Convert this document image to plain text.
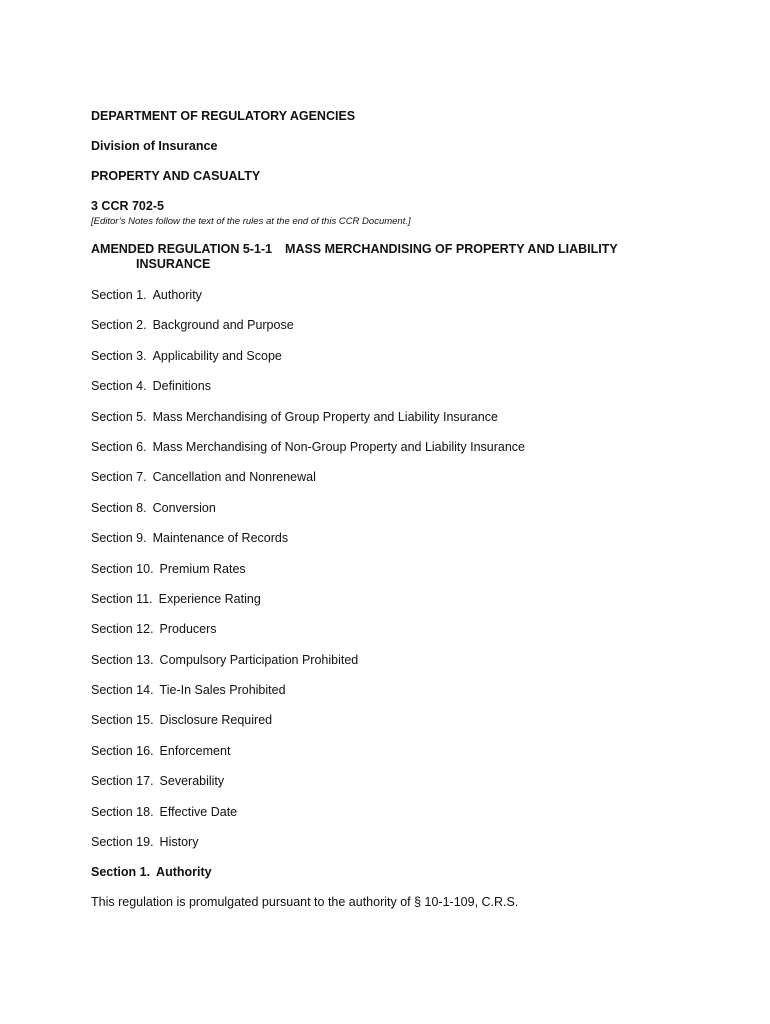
DEPARTMENT OF REGULATORY AGENCIES

Division of Insurance

PROPERTY AND CASUALTY

3 CCR 702-5

[Editor’s Notes follow the text of the rules at the end of this CCR Document.]

AMENDED REGULATION 5-1-1 MASS MERCHANDISING OF PROPERTY AND LIABILITY
INSURANCE
Section 1. Authority
Section 2. Background and Purpose
Section 3. Applicability and Scope
Section 4. Definitions
Section 5. Mass Merchandising of Group Property and Liability Insurance
Section 6. Mass Merchandising of Non-Group Property and Liability Insurance
Section 7. Cancellation and Nonrenewal
Section 8. Conversion
Section 9. Maintenance of Records
Section 10. Premium Rates
Section 11. Experience Rating
Section 12. Producers
Section 13. Compulsory Participation Prohibited
Section 14. Tie-In Sales Prohibited
Section 15. Disclosure Required
Section 16. Enforcement
Section 17. Severability
Section 18. Effective Date
Section 19. History

Section 1. Authority

This regulation is promulgated pursuant to the authority of § 10-1-109, C.R.S.
